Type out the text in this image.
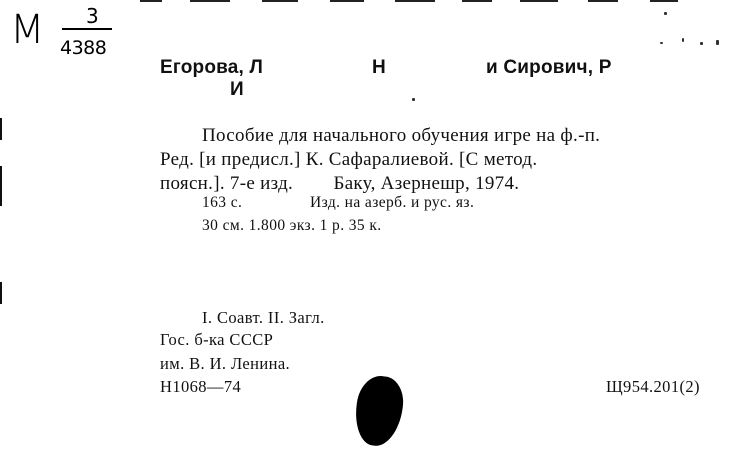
М 3
4388
Егорова, Л	Н	и Сирович, Р
И
Пособие для начального обучения игре на ф.-п.
Ред. [и предисл.] К. Сафаралиевой. [С метод.
поясн.]. 7-е изд.        Баку, Азернешр, 1974.
163 с.	Изд. на азерб. и рус. яз.
30 см. 1.800 экз. 1 р. 35 к.
I. Соавт. II. Загл.
Гос. б-ка СССР
им. В. И. Ленина.
Н1068—74	Щ954.201(2)
